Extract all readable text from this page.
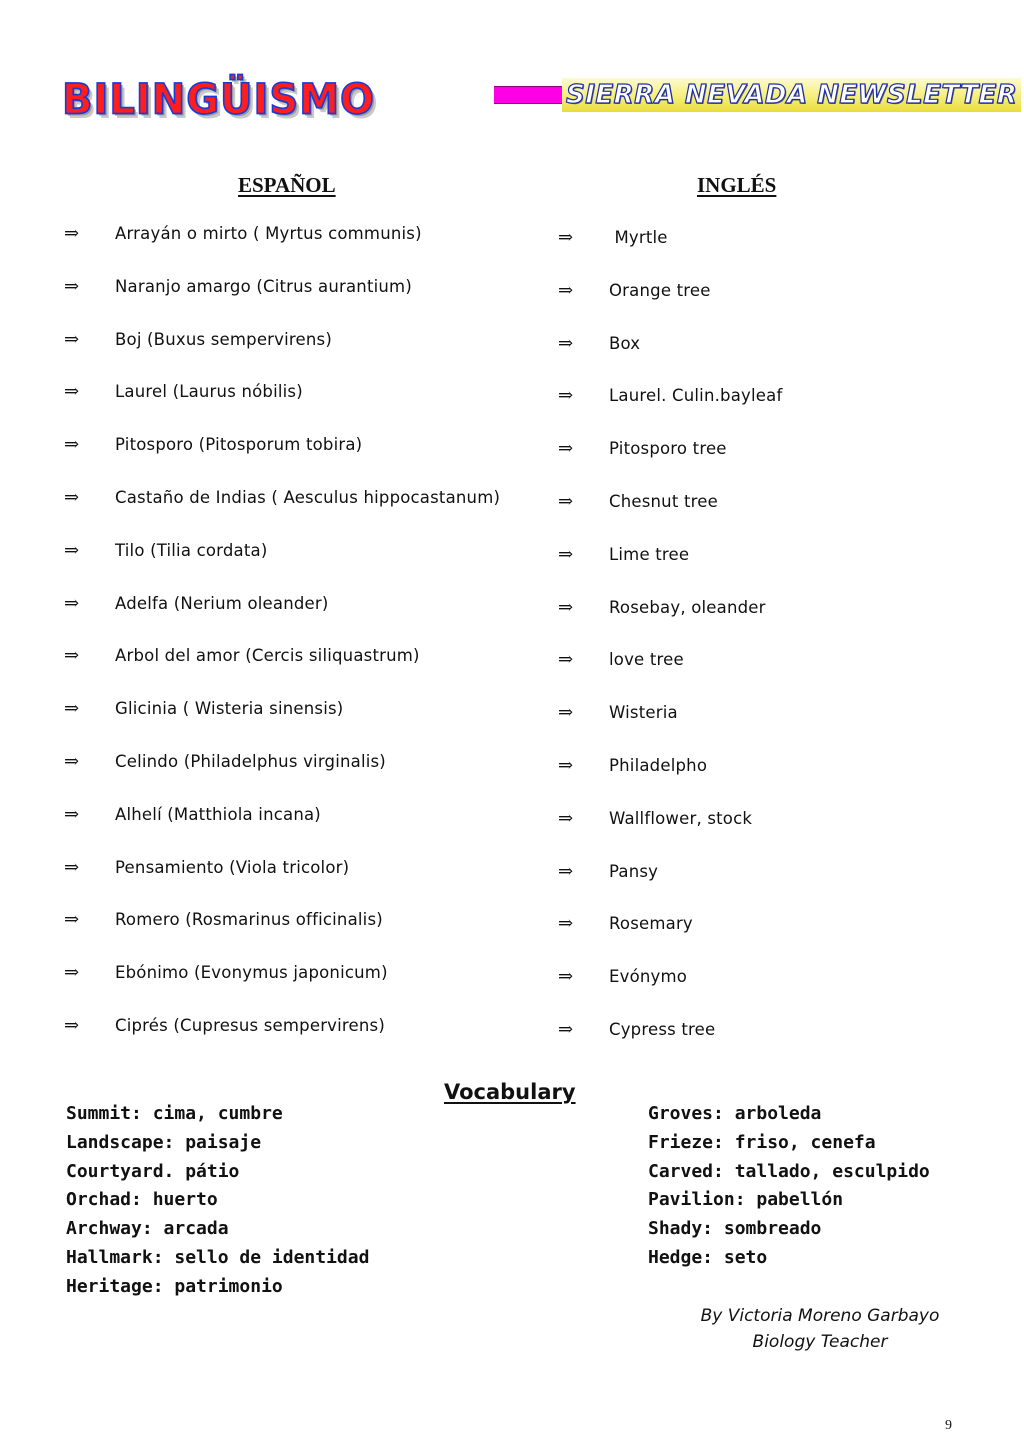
BILINGÜISMO	SIERRA NEVADA NEWSLETTER
ESPAÑOL	INGLÉS
⇒ Arrayán o mirto ( Myrtus communis)	⇒ Myrtle
⇒ Naranjo amargo (Citrus aurantium)	⇒ Orange tree
⇒ Boj (Buxus sempervirens)	⇒ Box
⇒ Laurel (Laurus nóbilis)	⇒ Laurel. Culin.bayleaf
⇒ Pitosporo (Pitosporum tobira)	⇒ Pitosporo tree
⇒ Castaño de Indias ( Aesculus hippocastanum)	⇒ Chesnut tree
⇒ Tilo (Tilia cordata)	⇒ Lime tree
⇒ Adelfa (Nerium oleander)	⇒ Rosebay, oleander
⇒ Arbol del amor (Cercis siliquastrum)	⇒ love tree
⇒ Glicinia ( Wisteria sinensis)	⇒ Wisteria
⇒ Celindo (Philadelphus virginalis)	⇒ Philadelpho
⇒ Alhelí (Matthiola incana)	⇒ Wallflower, stock
⇒ Pensamiento (Viola tricolor)	⇒ Pansy
⇒ Romero (Rosmarinus officinalis)	⇒ Rosemary
⇒ Ebónimo (Evonymus japonicum)	⇒ Evónymo
⇒ Ciprés (Cupresus sempervirens)	⇒ Cypress tree
Vocabulary
Summit: cima, cumbre
Landscape: paisaje
Courtyard. pátio
Orchad: huerto
Archway: arcada
Hallmark: sello de identidad
Heritage: patrimonio
Groves: arboleda
Frieze: friso, cenefa
Carved: tallado, esculpido
Pavilion: pabellón
Shady: sombreado
Hedge: seto
By Victoria Moreno Garbayo
Biology Teacher
9
